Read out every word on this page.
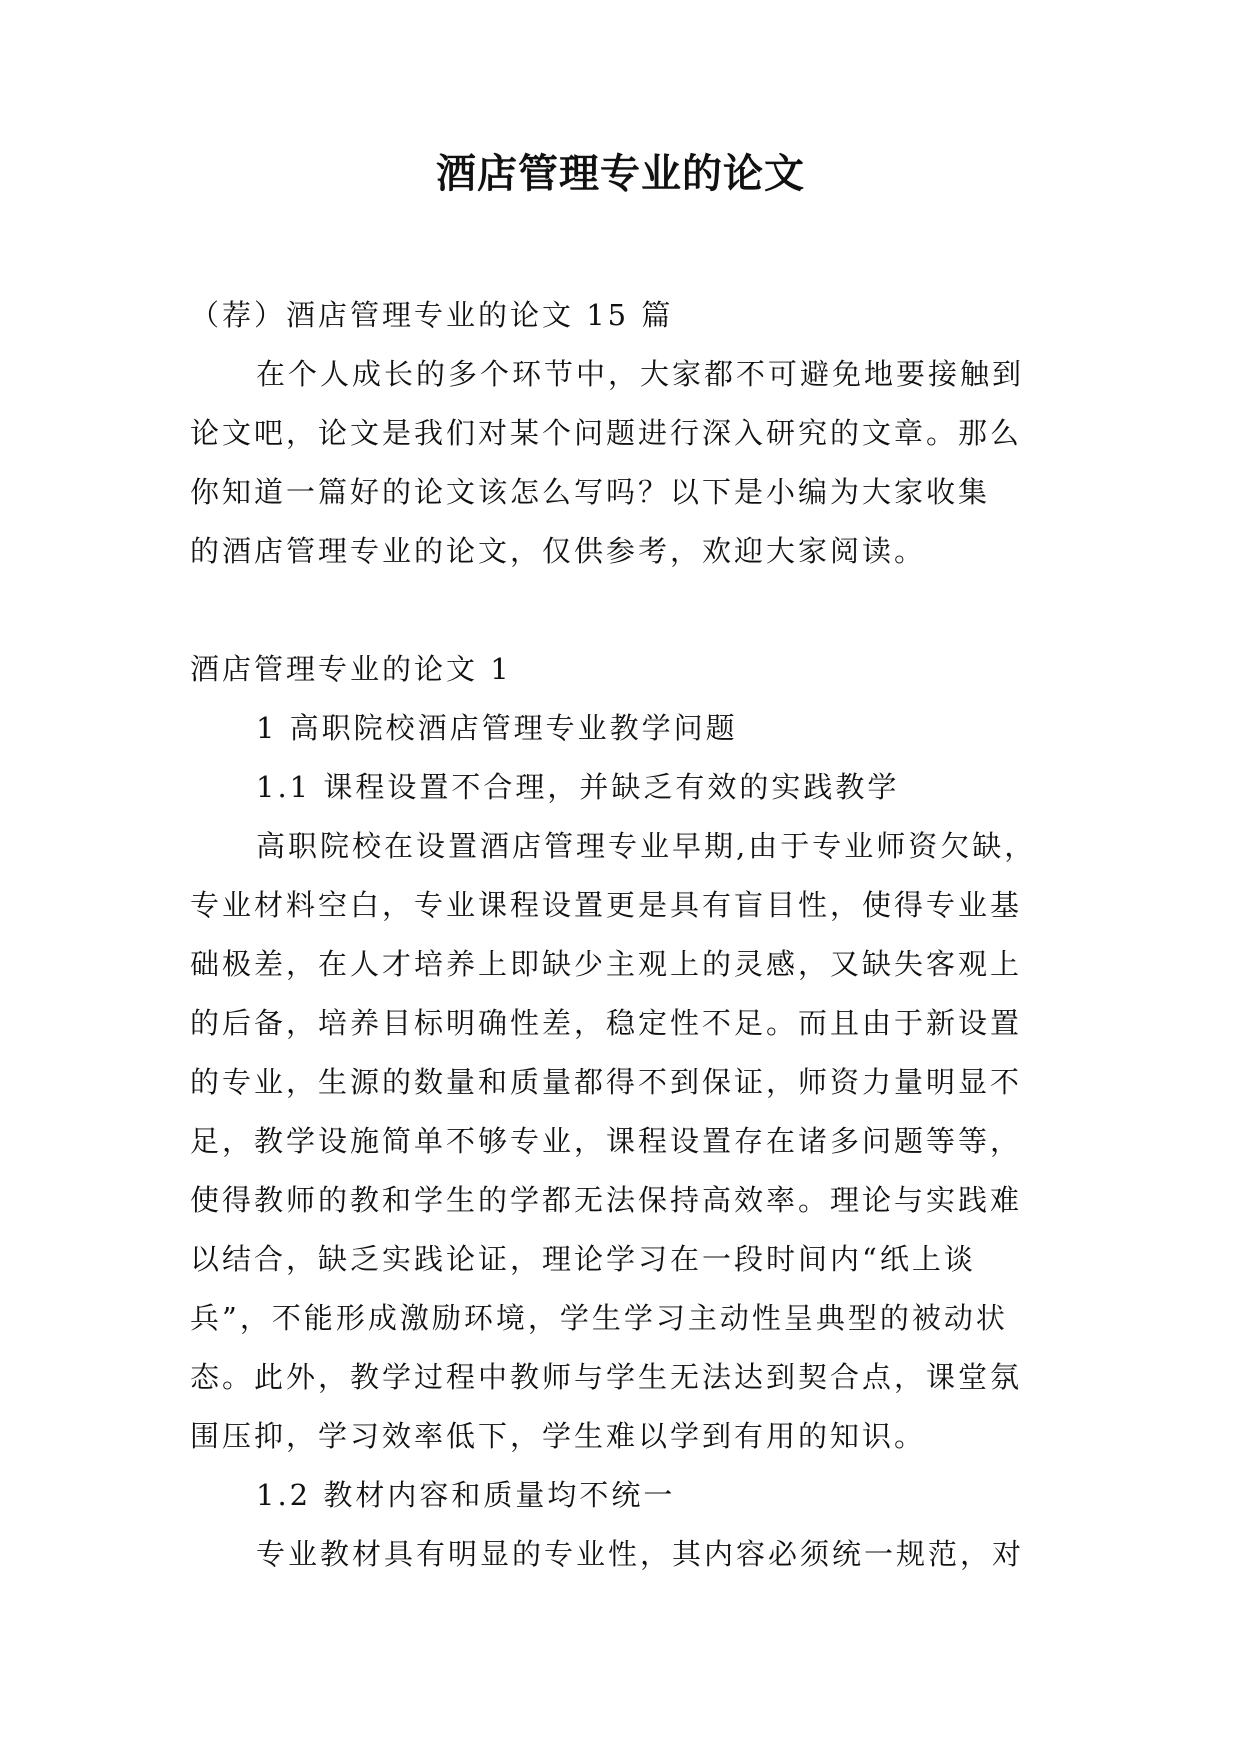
酒店管理专业的论文
（荐）酒店管理专业的论文 15 篇
在个人成长的多个环节中，大家都不可避免地要接触到
论文吧，论文是我们对某个问题进行深入研究的文章。那么
你知道一篇好的论文该怎么写吗？以下是小编为大家收集
的酒店管理专业的论文，仅供参考，欢迎大家阅读。
酒店管理专业的论文 1
1 高职院校酒店管理专业教学问题
1.1 课程设置不合理，并缺乏有效的实践教学
高职院校在设置酒店管理专业早期,由于专业师资欠缺，
专业材料空白，专业课程设置更是具有盲目性，使得专业基
础极差，在人才培养上即缺少主观上的灵感，又缺失客观上
的后备，培养目标明确性差，稳定性不足。而且由于新设置
的专业，生源的数量和质量都得不到保证，师资力量明显不
足，教学设施简单不够专业，课程设置存在诸多问题等等，
使得教师的教和学生的学都无法保持高效率。理论与实践难
以结合，缺乏实践论证，理论学习在一段时间内“纸上谈
兵”，不能形成激励环境，学生学习主动性呈典型的被动状
态。此外，教学过程中教师与学生无法达到契合点，课堂氛
围压抑，学习效率低下，学生难以学到有用的知识。
1.2 教材内容和质量均不统一
专业教材具有明显的专业性，其内容必须统一规范，对
